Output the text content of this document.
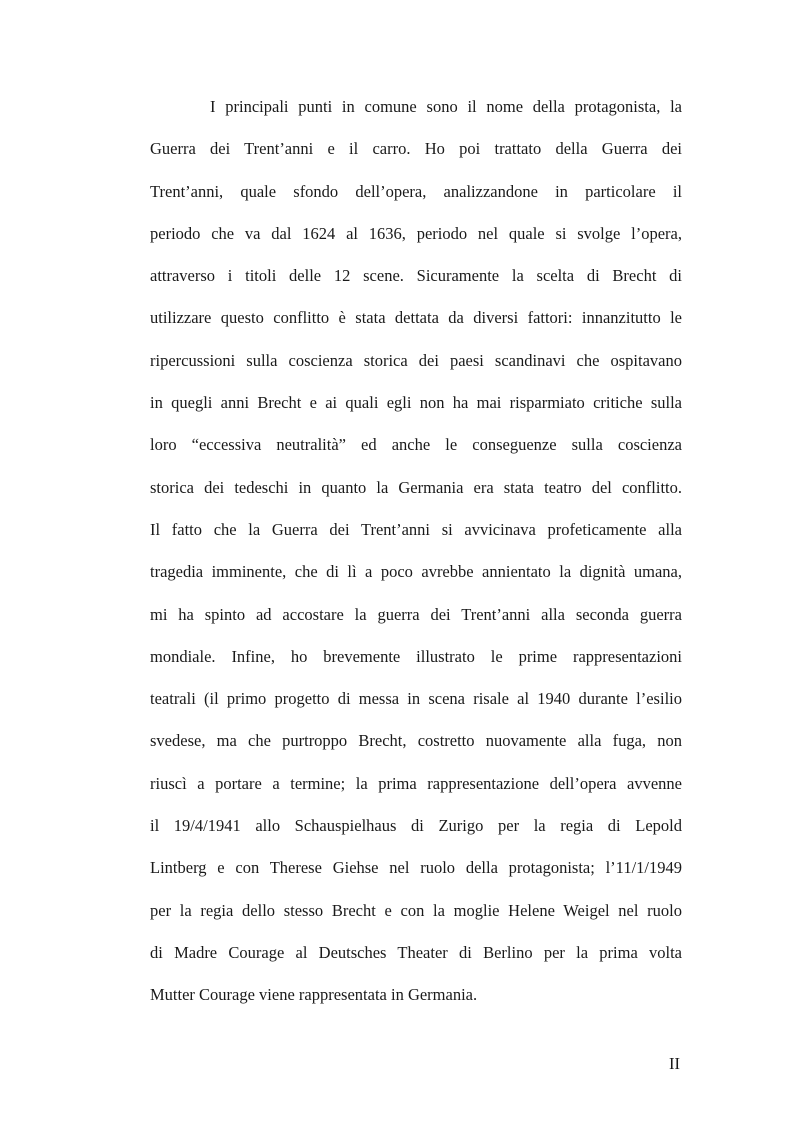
I principali punti in comune sono il nome della protagonista, la
Guerra dei Trent’anni e il carro. Ho poi trattato della Guerra dei
Trent’anni, quale sfondo dell’opera, analizzandone in particolare il
periodo che va dal 1624 al 1636, periodo nel quale si svolge l’opera,
attraverso i titoli delle 12 scene. Sicuramente la scelta di Brecht di
utilizzare questo conflitto è stata dettata da diversi fattori: innanzitutto le
ripercussioni sulla coscienza storica dei paesi scandinavi che ospitavano
in quegli anni Brecht e ai quali egli non ha mai risparmiato critiche sulla
loro “eccessiva neutralità” ed anche le conseguenze sulla coscienza
storica dei tedeschi in quanto la Germania era stata teatro del conflitto.
Il fatto che la Guerra dei Trent’anni si avvicinava profeticamente alla
tragedia imminente, che di lì a poco avrebbe annientato la dignità umana,
mi ha spinto ad accostare la guerra dei Trent’anni alla seconda guerra
mondiale. Infine, ho brevemente illustrato le prime rappresentazioni
teatrali (il primo progetto di messa in scena risale al 1940 durante l’esilio
svedese, ma che purtroppo Brecht, costretto nuovamente alla fuga, non
riuscì a portare a termine; la prima rappresentazione dell’opera avvenne
il 19/4/1941 allo Schauspielhaus di Zurigo per la regia di Lepold
Lintberg e con Therese Giehse nel ruolo della protagonista; l’11/1/1949
per la regia dello stesso Brecht e con la moglie Helene Weigel nel ruolo
di Madre Courage al Deutsches Theater di Berlino per la prima volta
Mutter Courage viene rappresentata in Germania.
II
